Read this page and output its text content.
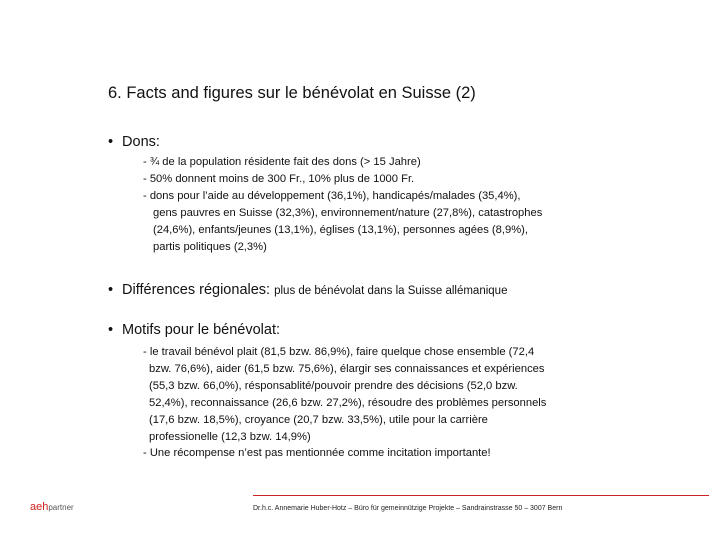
6. Facts and figures sur le bénévolat en Suisse (2)
• Dons:
- ¾ de la population résidente fait des dons (> 15 Jahre)
- 50% donnent moins de 300 Fr., 10% plus de 1000 Fr.
- dons pour l’aide au développement (36,1%), handicapés/malades (35,4%),
gens pauvres en Suisse (32,3%), environnement/nature (27,8%), catastrophes
(24,6%), enfants/jeunes (13,1%), églises (13,1%), personnes agées (8,9%),
partis politiques (2,3%)
• Différences régionales: plus de bénévolat dans la Suisse allémanique
• Motifs pour le bénévolat:
- le travail bénévol plait (81,5 bzw. 86,9%), faire quelque chose ensemble (72,4
bzw. 76,6%), aider (61,5 bzw. 75,6%), élargir ses connaissances et expériences
(55,3 bzw. 66,0%), résponsablité/pouvoir prendre des décisions (52,0 bzw.
52,4%), reconnaissance (26,6 bzw. 27,2%), résoudre des problèmes personnels
(17,6 bzw. 18,5%), croyance (20,7 bzw. 33,5%), utile pour la carrière
professionelle (12,3 bzw. 14,9%)
- Une récompense n’est pas mentionnée comme incitation importante!
aehpartner	Dr.h.c. Annemarie Huber-Hotz – Büro für gemeinnützige Projekte – Sandrainstrasse 50 – 3007 Bern
